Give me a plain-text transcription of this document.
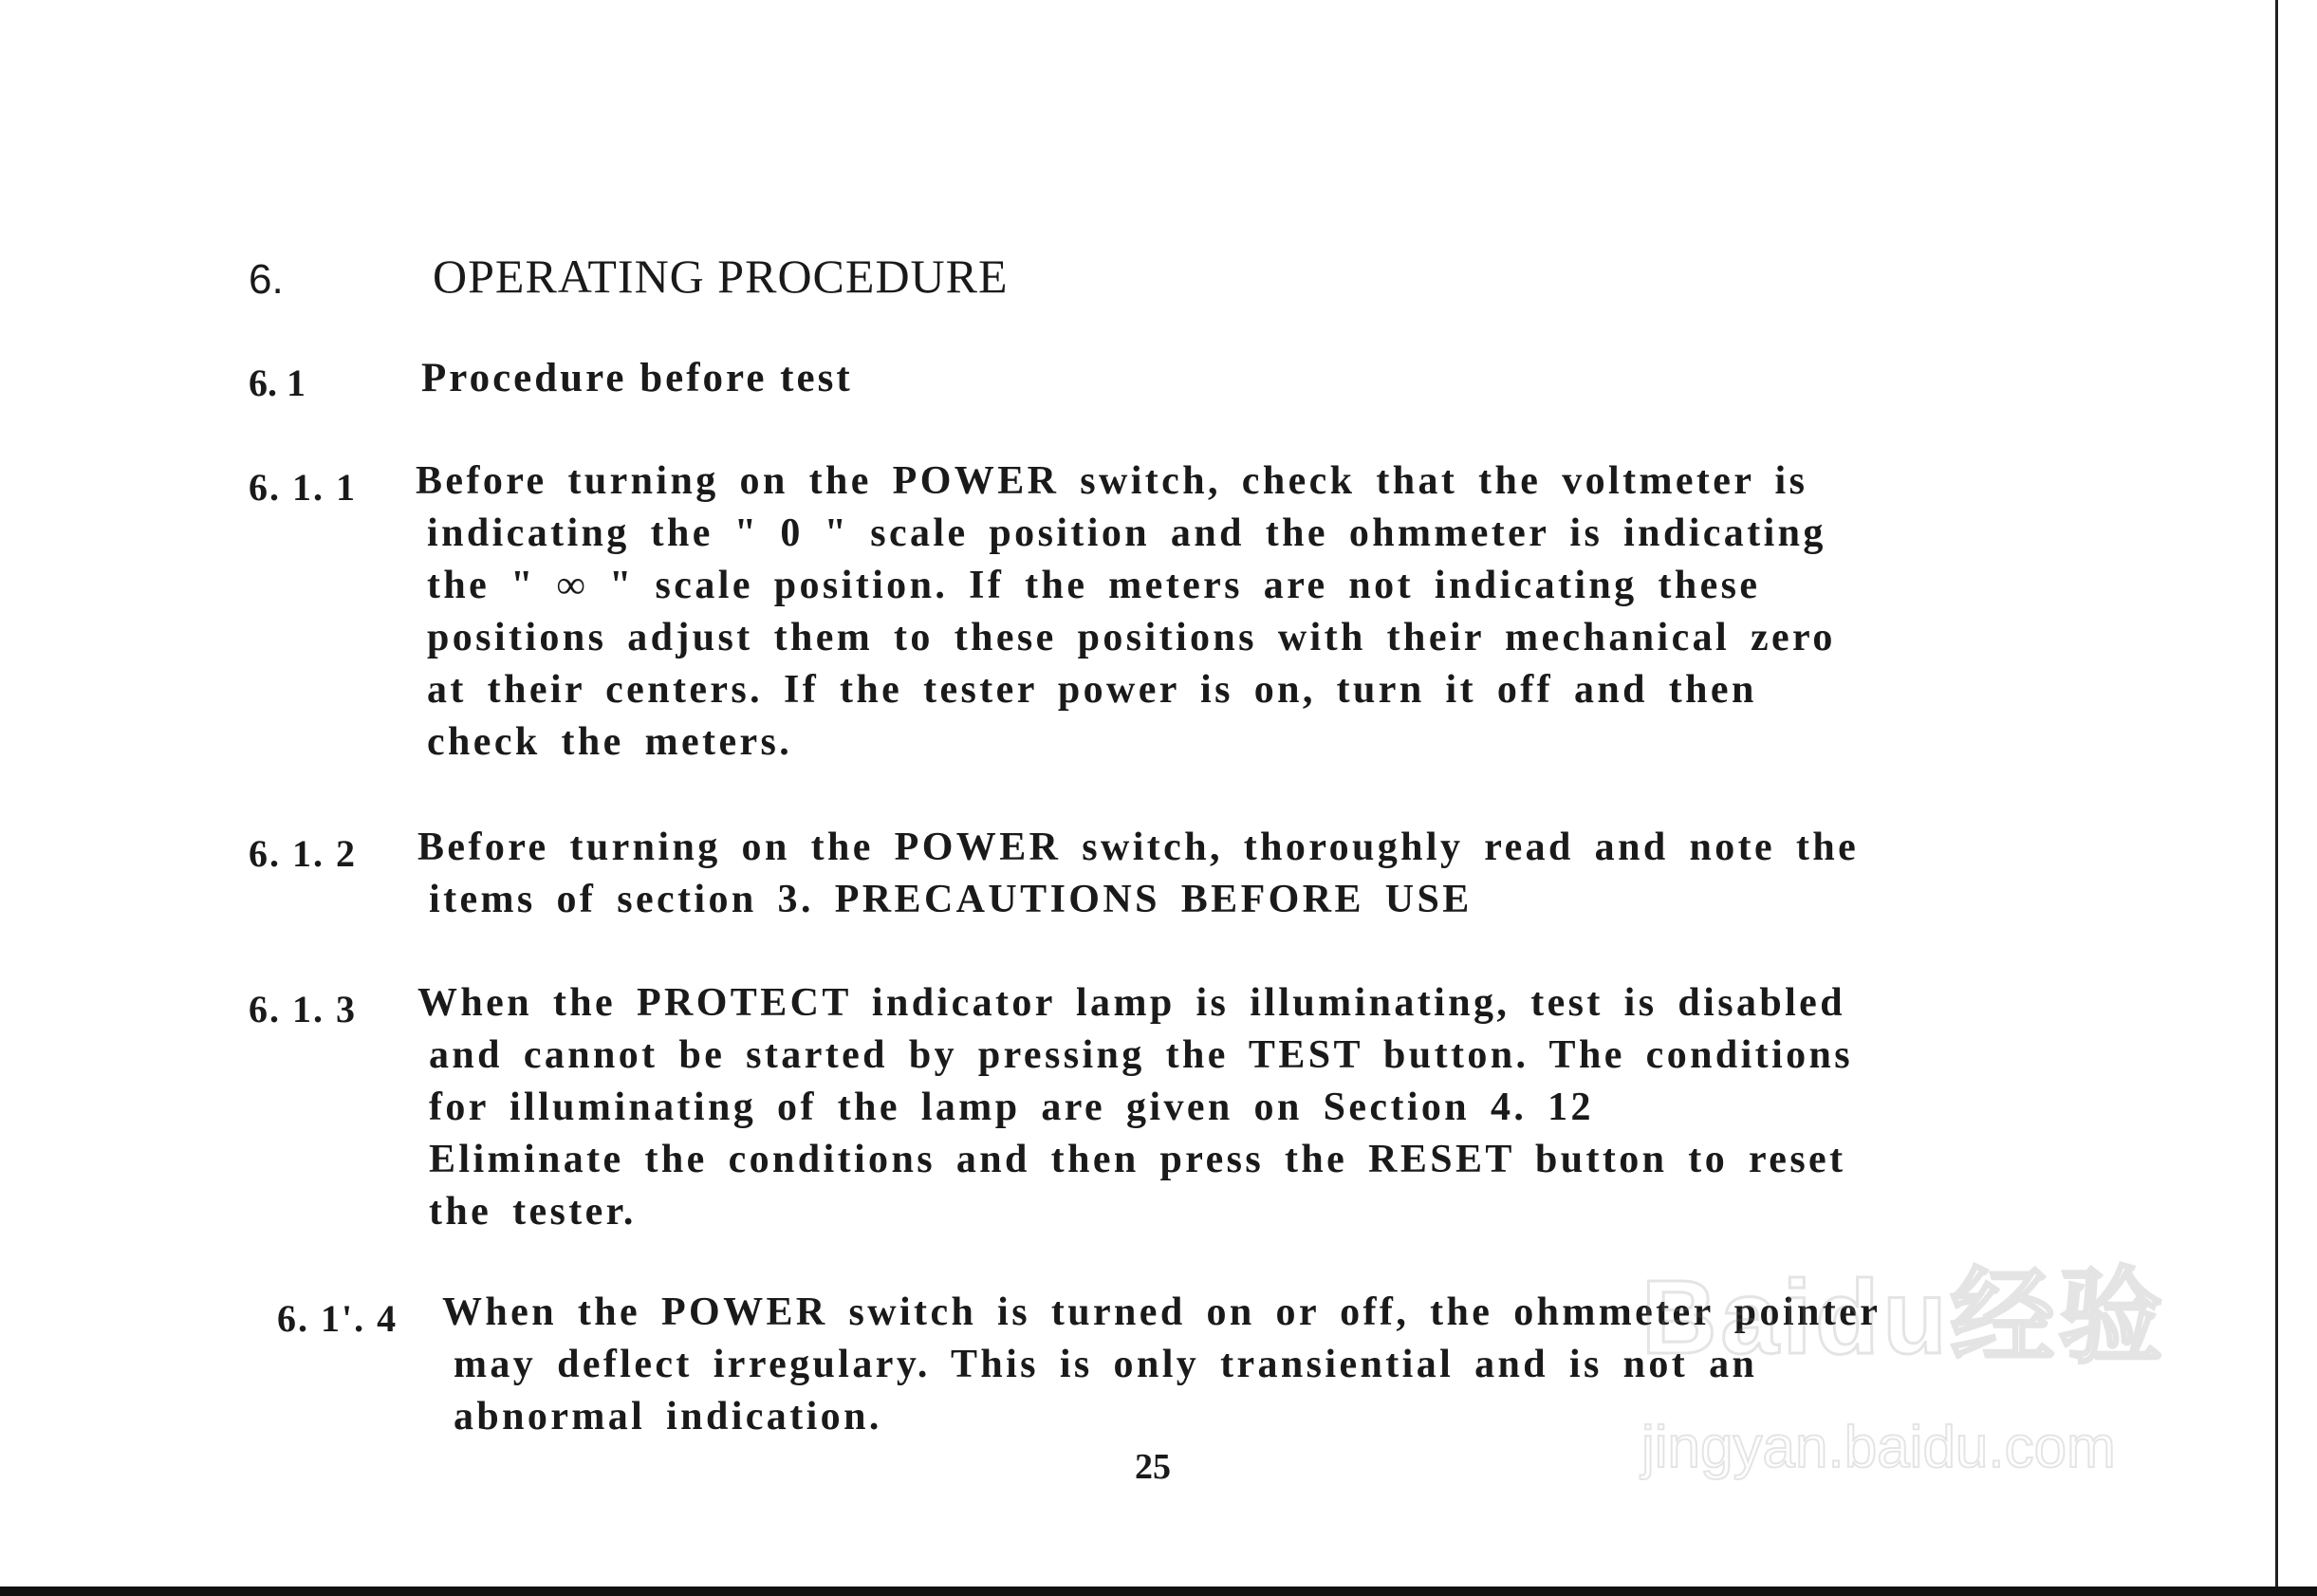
6.	OPERATING PROCEDURE
6. 1	Procedure before test
6. 1. 1 Before turning on the POWER switch, check that the voltmeter is
indicating the " 0 " scale position and the ohmmeter is indicating
the " ∞ " scale position. If the meters are not indicating these
positions adjust them to these positions with their mechanical zero
at their centers. If the tester power is on, turn it off and then
check the meters.
6. 1. 2 Before turning on the POWER switch, thoroughly read and note the
items of section 3. PRECAUTIONS BEFORE USE
6. 1. 3 When the PROTECT indicator lamp is illuminating, test is disabled
and cannot be started by pressing the TEST button. The conditions
for illuminating of the lamp are given on Section 4. 12
Eliminate the conditions and then press the RESET button to reset
the tester.
6. 1'. 4 When the POWER switch is turned on or off, the ohmmeter pointer
may deflect irregulary. This is only transiential and is not an
abnormal indication.
25
Baidu经验
jingyan.baidu.com
